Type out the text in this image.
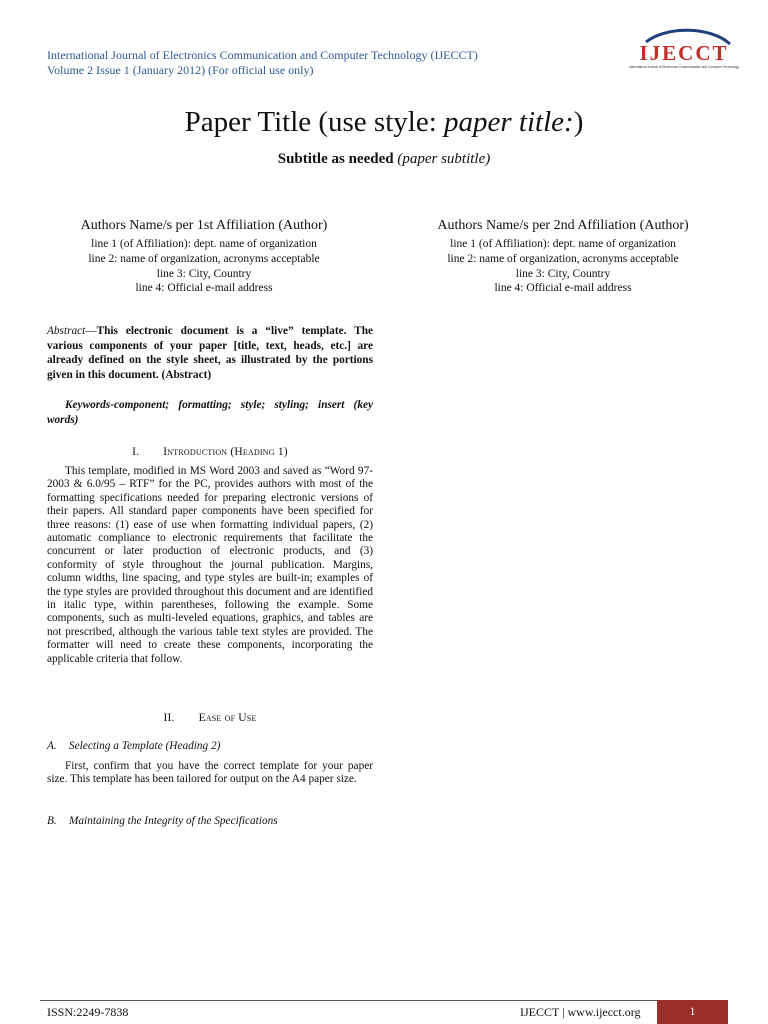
International Journal of Electronics Communication and Computer Technology (IJECCT)
Volume 2 Issue 1 (January 2012) (For official use only)
IJECCT
International Journal of Electronics Communication and Computer Technology
Paper Title (use style: paper title:)
Subtitle as needed (paper subtitle)
Authors Name/s per 1st Affiliation (Author)
line 1 (of Affiliation): dept. name of organization
line 2: name of organization, acronyms acceptable
line 3: City, Country
line 4: Official e-mail address
Authors Name/s per 2nd Affiliation (Author)
line 1 (of Affiliation): dept. name of organization
line 2: name of organization, acronyms acceptable
line 3: City, Country
line 4: Official e-mail address
Abstract—This electronic document is a “live” template. The various components of your paper [title, text, heads, etc.] are already defined on the style sheet, as illustrated by the portions given in this document. (Abstract)
Keywords-component; formatting; style; styling; insert (key words)
I. Introduction (Heading 1)
This template, modified in MS Word 2003 and saved as “Word 97-2003 & 6.0/95 – RTF” for the PC, provides authors with most of the formatting specifications needed for preparing electronic versions of their papers. All standard paper components have been specified for three reasons: (1) ease of use when formatting individual papers, (2) automatic compliance to electronic requirements that facilitate the concurrent or later production of electronic products, and (3) conformity of style throughout the journal publication. Margins, column widths, line spacing, and type styles are built-in; examples of the type styles are provided throughout this document and are identified in italic type, within parentheses, following the example. Some components, such as multi-leveled equations, graphics, and tables are not prescribed, although the various table text styles are provided. The formatter will need to create these components, incorporating the applicable criteria that follow.
II. Ease of Use
A. Selecting a Template (Heading 2)
First, confirm that you have the correct template for your paper size. This template has been tailored for output on the A4 paper size.
B. Maintaining the Integrity of the Specifications
ISSN:2249-7838	IJECCT | www.ijecct.org	1
